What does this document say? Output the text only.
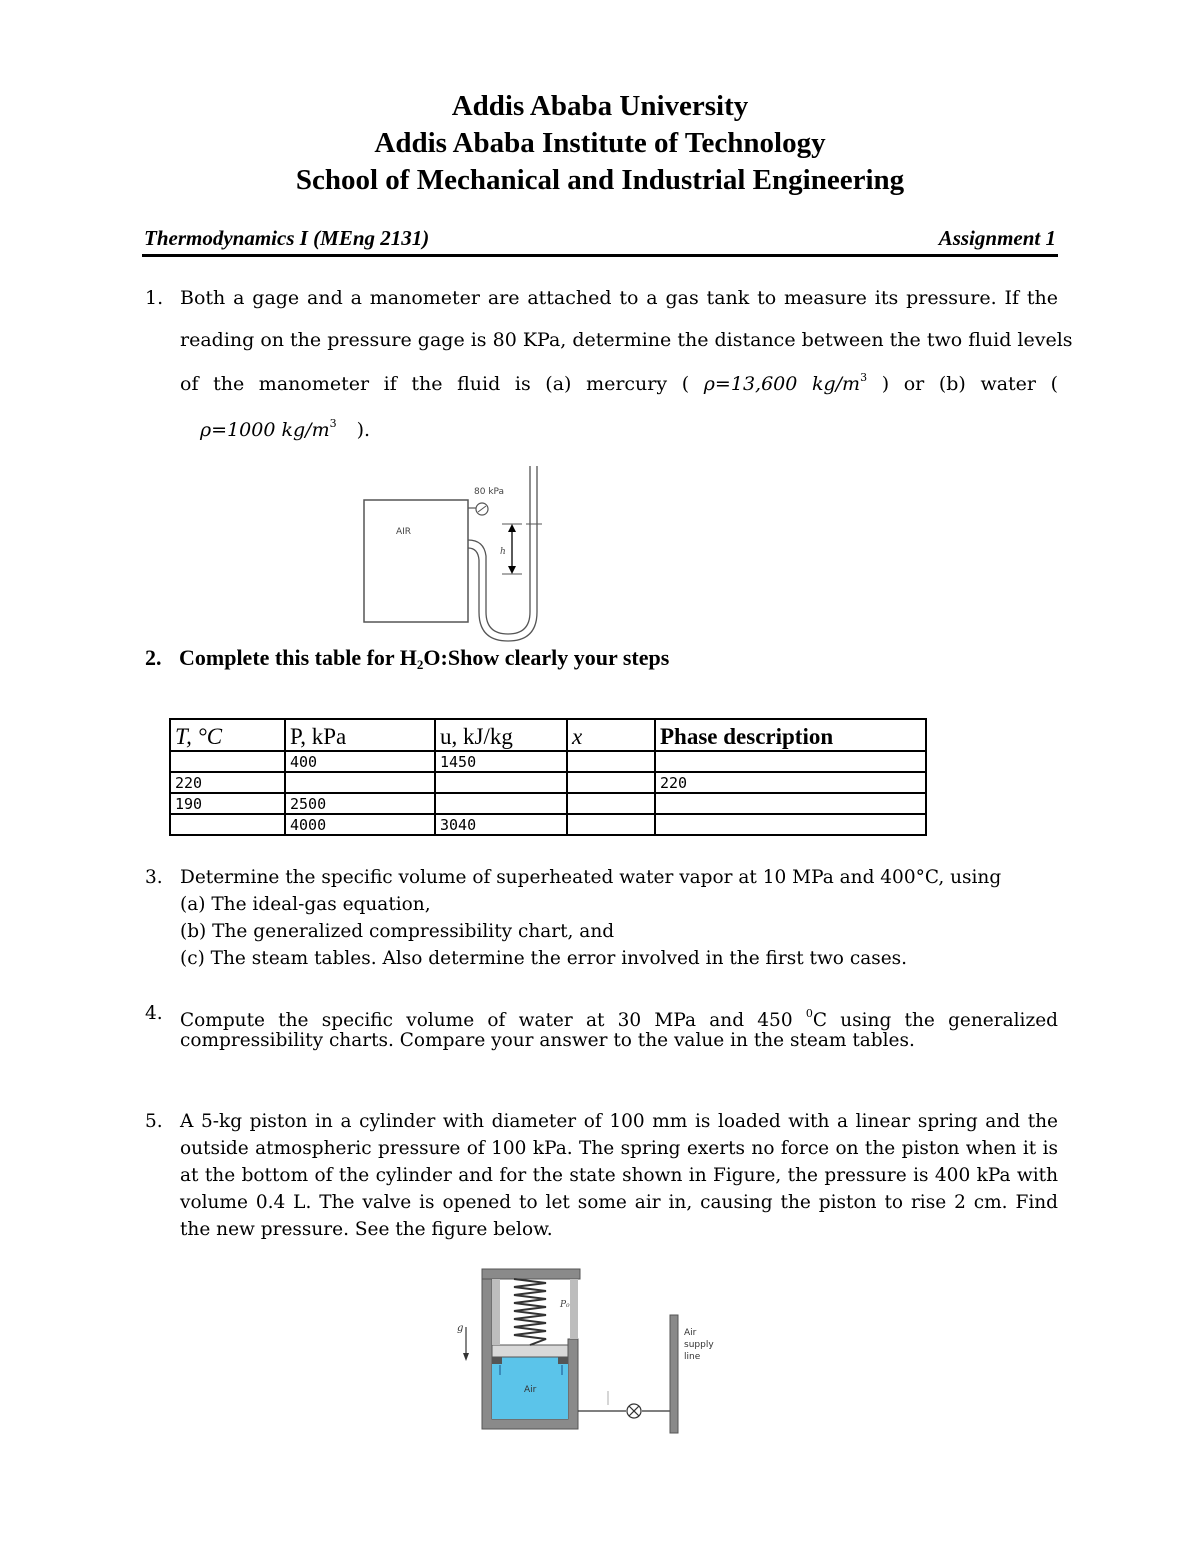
Addis Ababa University
Addis Ababa Institute of Technology
School of Mechanical and Industrial Engineering
Thermodynamics I (MEng 2131)	Assignment 1
1. Both a gage and a manometer are attached to a gas tank to measure its pressure. If the
reading on the pressure gage is 80 KPa, determine the distance between the two fluid levels
of the manometer if the fluid is (a) mercury ( ρ=13,600 $kg/m^3$ ) or (b) water (
ρ=1000 $kg/m^3$ ).
AIR
80 kPa
h
2. Complete this table for $H_2O:Show$ clearly your steps
T, °C	P, kPa	u, kJ/kg	x	Phase description
	400	1450		
220				220
190	2500			
	4000	3040		
3. Determine the specific volume of superheated water vapor at 10 MPa and 400°C, using
(a) The ideal-gas equation,
(b) The generalized compressibility chart, and
(c) The steam tables. Also determine the error involved in the first two cases.
4. Compute the specific volume of water at 30 MPa and 450 $^0$C using the generalized
compressibility charts. Compare your answer to the value in the steam tables.
5. A 5-kg piston in a cylinder with diameter of 100 mm is loaded with a linear spring and the
outside atmospheric pressure of 100 kPa. The spring exerts no force on the piston when it is
at the bottom of the cylinder and for the state shown in Figure, the pressure is 400 kPa with
volume 0.4 L. The valve is opened to let some air in, causing the piston to rise 2 cm. Find
the new pressure. See the figure below.
Air
P₀
g	Air
supply
line
